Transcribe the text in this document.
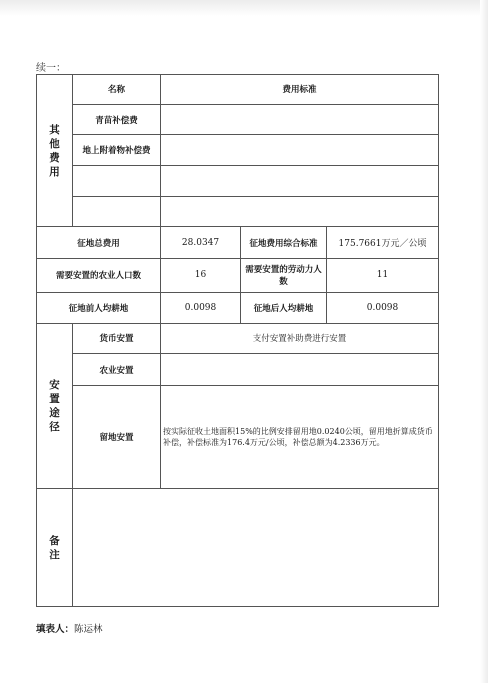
续一：
其他费用	名称	费用标准		
	青苗补偿费			
	地上附着物补偿费			

征地总费用		28.0347	征地费用综合标准	175.7661万元／公顷
需要安置的农业人口数		16	需要安置的劳动力人数	11
征地前人均耕地		0.0098	征地后人均耕地	0.0098

安置途径	货币安置	支付安置补助费进行安置		
	农业安置			
	留地安置	按实际征收土地面积15%的比例安排留用地0.0240公顷，留用地折算成货币补偿，补偿标准为176.4万元/公顷，补偿总额为4.2336万元。		

备注				

填表人：陈运林
